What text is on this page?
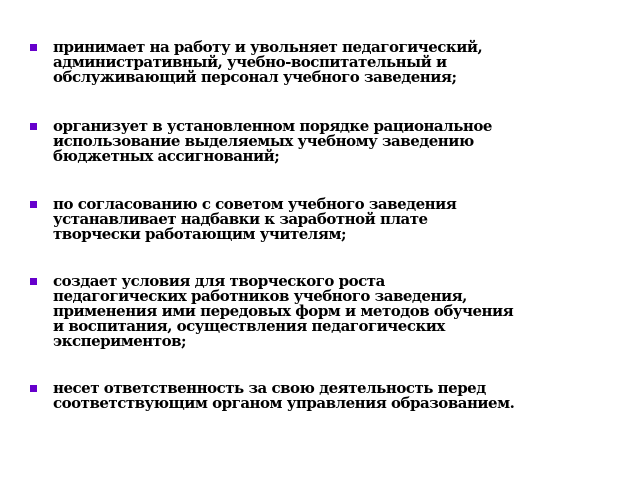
принимает на работу и увольняет педагогический,
административный, учебно-воспитательный и
обслуживающий персонал учебного заведения;
организует в установленном порядке рациональное
использование выделяемых учебному заведению
бюджетных ассигнований;
по согласованию с советом учебного заведения
устанавливает надбавки к заработной плате
творчески работающим учителям;
создает условия для творческого роста
педагогических работников учебного заведения,
применения ими передовых форм и методов обучения
и воспитания, осуществления педагогических
экспериментов;
несет ответственность за свою деятельность перед
соответствующим органом управления образованием.
